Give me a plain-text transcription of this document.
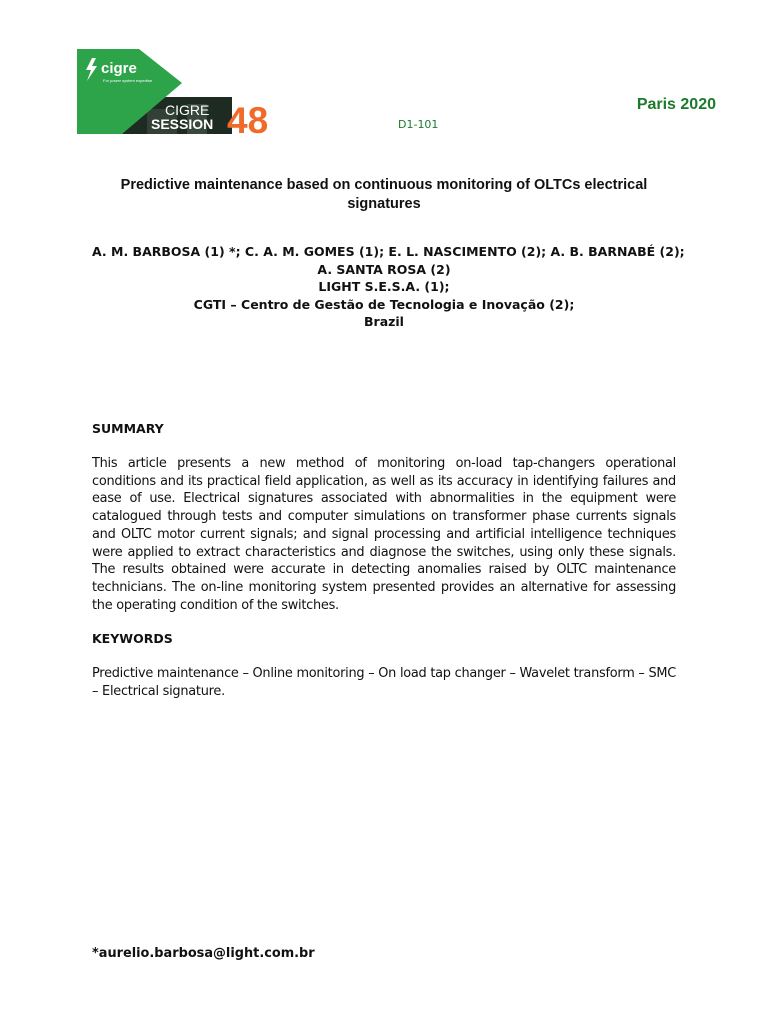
cigre
For power system expertise
CIGRE
SESSION 48	Paris 2020
D1-101
Predictive maintenance based on continuous monitoring of OLTCs electrical signatures
A. M. BARBOSA (1) *; C. A. M. GOMES (1); E. L. NASCIMENTO (2); A. B. BARNABÉ (2);
A. SANTA ROSA (2)
LIGHT S.E.S.A. (1);
CGTI – Centro de Gestão de Tecnologia e Inovação (2);
Brazil
SUMMARY
This article presents a new method of monitoring on-load tap-changers operational conditions and its practical field application, as well as its accuracy in identifying failures and ease of use. Electrical signatures associated with abnormalities in the equipment were catalogued through tests and computer simulations on transformer phase currents signals and OLTC motor current signals; and signal processing and artificial intelligence techniques were applied to extract characteristics and diagnose the switches, using only these signals. The results obtained were accurate in detecting anomalies raised by OLTC maintenance technicians. The on-line monitoring system presented provides an alternative for assessing the operating condition of the switches.
KEYWORDS
Predictive maintenance – Online monitoring – On load tap changer – Wavelet transform – SMC – Electrical signature.
*aurelio.barbosa@light.com.br
